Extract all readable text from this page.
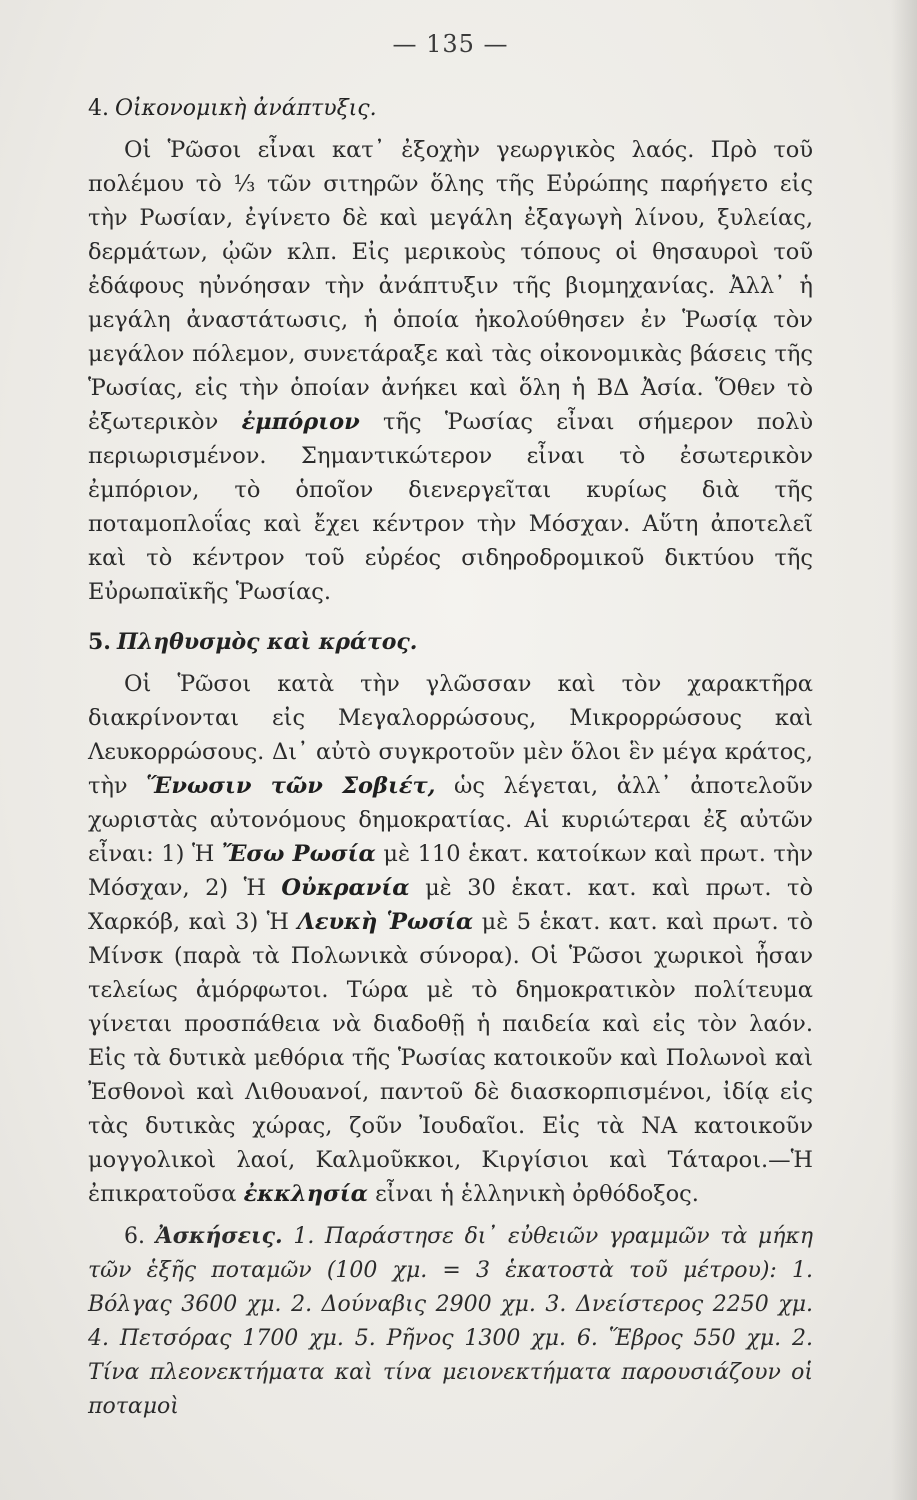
— 135 —
4. Οἰκονομικὴ ἀνάπτυξις.

Οἱ Ῥῶσοι εἶναι κατ᾽ ἐξοχὴν γεωργικὸς λαός. Πρὸ τοῦ πολέμου τὸ ⅓ τῶν σιτηρῶν ὅλης τῆς Εὐρώπης παρήγετο εἰς τὴν Ρωσίαν, ἐγίνετο δὲ καὶ μεγάλη ἐξαγωγὴ λίνου, ξυλείας, δερμάτων, ᾠῶν κλπ. Εἰς μερικοὺς τόπους οἱ θησαυροὶ τοῦ ἐδάφους ηὐνόησαν τὴν ἀνάπτυξιν τῆς βιομηχανίας. Ἀλλ᾽ ἡ μεγάλη ἀναστάτωσις, ἡ ὁποία ἠκολούθησεν ἐν Ῥωσίᾳ τὸν μεγάλον πόλεμον, συνετάραξε καὶ τὰς οἰκονομικὰς βάσεις τῆς Ῥωσίας, εἰς τὴν ὁποίαν ἀνήκει καὶ ὅλη ἡ ΒΔ Ἀσία. Ὅθεν τὸ ἐξωτερικὸν ἐμπόριον τῆς Ῥωσίας εἶναι σήμερον πολὺ περιωρισμένον. Σημαντικώτερον εἶναι τὸ ἐσωτερικὸν ἐμπόριον, τὸ ὁποῖον διενεργεῖται κυρίως διὰ τῆς ποταμοπλοΐας καὶ ἔχει κέντρον τὴν Μόσχαν. Αὕτη ἀποτελεῖ καὶ τὸ κέντρον τοῦ εὐρέος σιδηροδρομικοῦ δικτύου τῆς Εὐρωπαϊκῆς Ῥωσίας.

5. Πληθυσμὸς καὶ κράτος.

Οἱ Ῥῶσοι κατὰ τὴν γλῶσσαν καὶ τὸν χαρακτῆρα διακρίνονται εἰς Μεγαλορρώσους, Μικρορρώσους καὶ Λευκορρώσους. Δι᾽ αὐτὸ συγκροτοῦν μὲν ὅλοι ἓν μέγα κράτος, τὴν Ἕνωσιν τῶν Σοβιέτ, ὡς λέγεται, ἀλλ᾽ ἀποτελοῦν χωριστὰς αὐτονόμους δημοκρατίας. Αἱ κυριώτεραι ἐξ αὐτῶν εἶναι: 1) Ἡ Ἔσω Ρωσία μὲ 110 ἑκατ. κατοίκων καὶ πρωτ. τὴν Μόσχαν, 2) Ἡ Οὐκρανία μὲ 30 ἑκατ. κατ. καὶ πρωτ. τὸ Χαρκόβ, καὶ 3) Ἡ Λευκὴ Ῥωσία μὲ 5 ἑκατ. κατ. καὶ πρωτ. τὸ Μίνσκ (παρὰ τὰ Πολωνικὰ σύνορα). Οἱ Ῥῶσοι χωρικοὶ ἦσαν τελείως ἀμόρφωτοι. Τώρα μὲ τὸ δημοκρατικὸν πολίτευμα γίνεται προσπάθεια νὰ διαδοθῇ ἡ παιδεία καὶ εἰς τὸν λαόν. Εἰς τὰ δυτικὰ μεθόρια τῆς Ῥωσίας κατοικοῦν καὶ Πολωνοὶ καὶ Ἐσθονοὶ καὶ Λιθουανοί, παντοῦ δὲ διασκορπισμένοι, ἰδίᾳ εἰς τὰς δυτικὰς χώρας, ζοῦν Ἰουδαῖοι. Εἰς τὰ ΝΑ κατοικοῦν μογγολικοὶ λαοί, Καλμοῦκκοι, Κιργίσιοι καὶ Τάταροι.—Ἡ ἐπικρατοῦσα ἐκκλησία εἶναι ἡ ἑλληνικὴ ὀρθόδοξος.

6. Ἀσκήσεις. 1. Παράστησε δι᾽ εὐθειῶν γραμμῶν τὰ μήκη τῶν ἑξῆς ποταμῶν (100 χμ. = 3 ἑκατοστὰ τοῦ μέτρου): 1. Βόλγας 3600 χμ. 2. Δούναβις 2900 χμ. 3. Δνείστερος 2250 χμ. 4. Πετσόρας 1700 χμ. 5. Ρῆνος 1300 χμ. 6. Ἕβρος 550 χμ. 2. Τίνα πλεονεκτήματα καὶ τίνα μειονεκτήματα παρουσιάζουν οἱ ποταμοὶ
